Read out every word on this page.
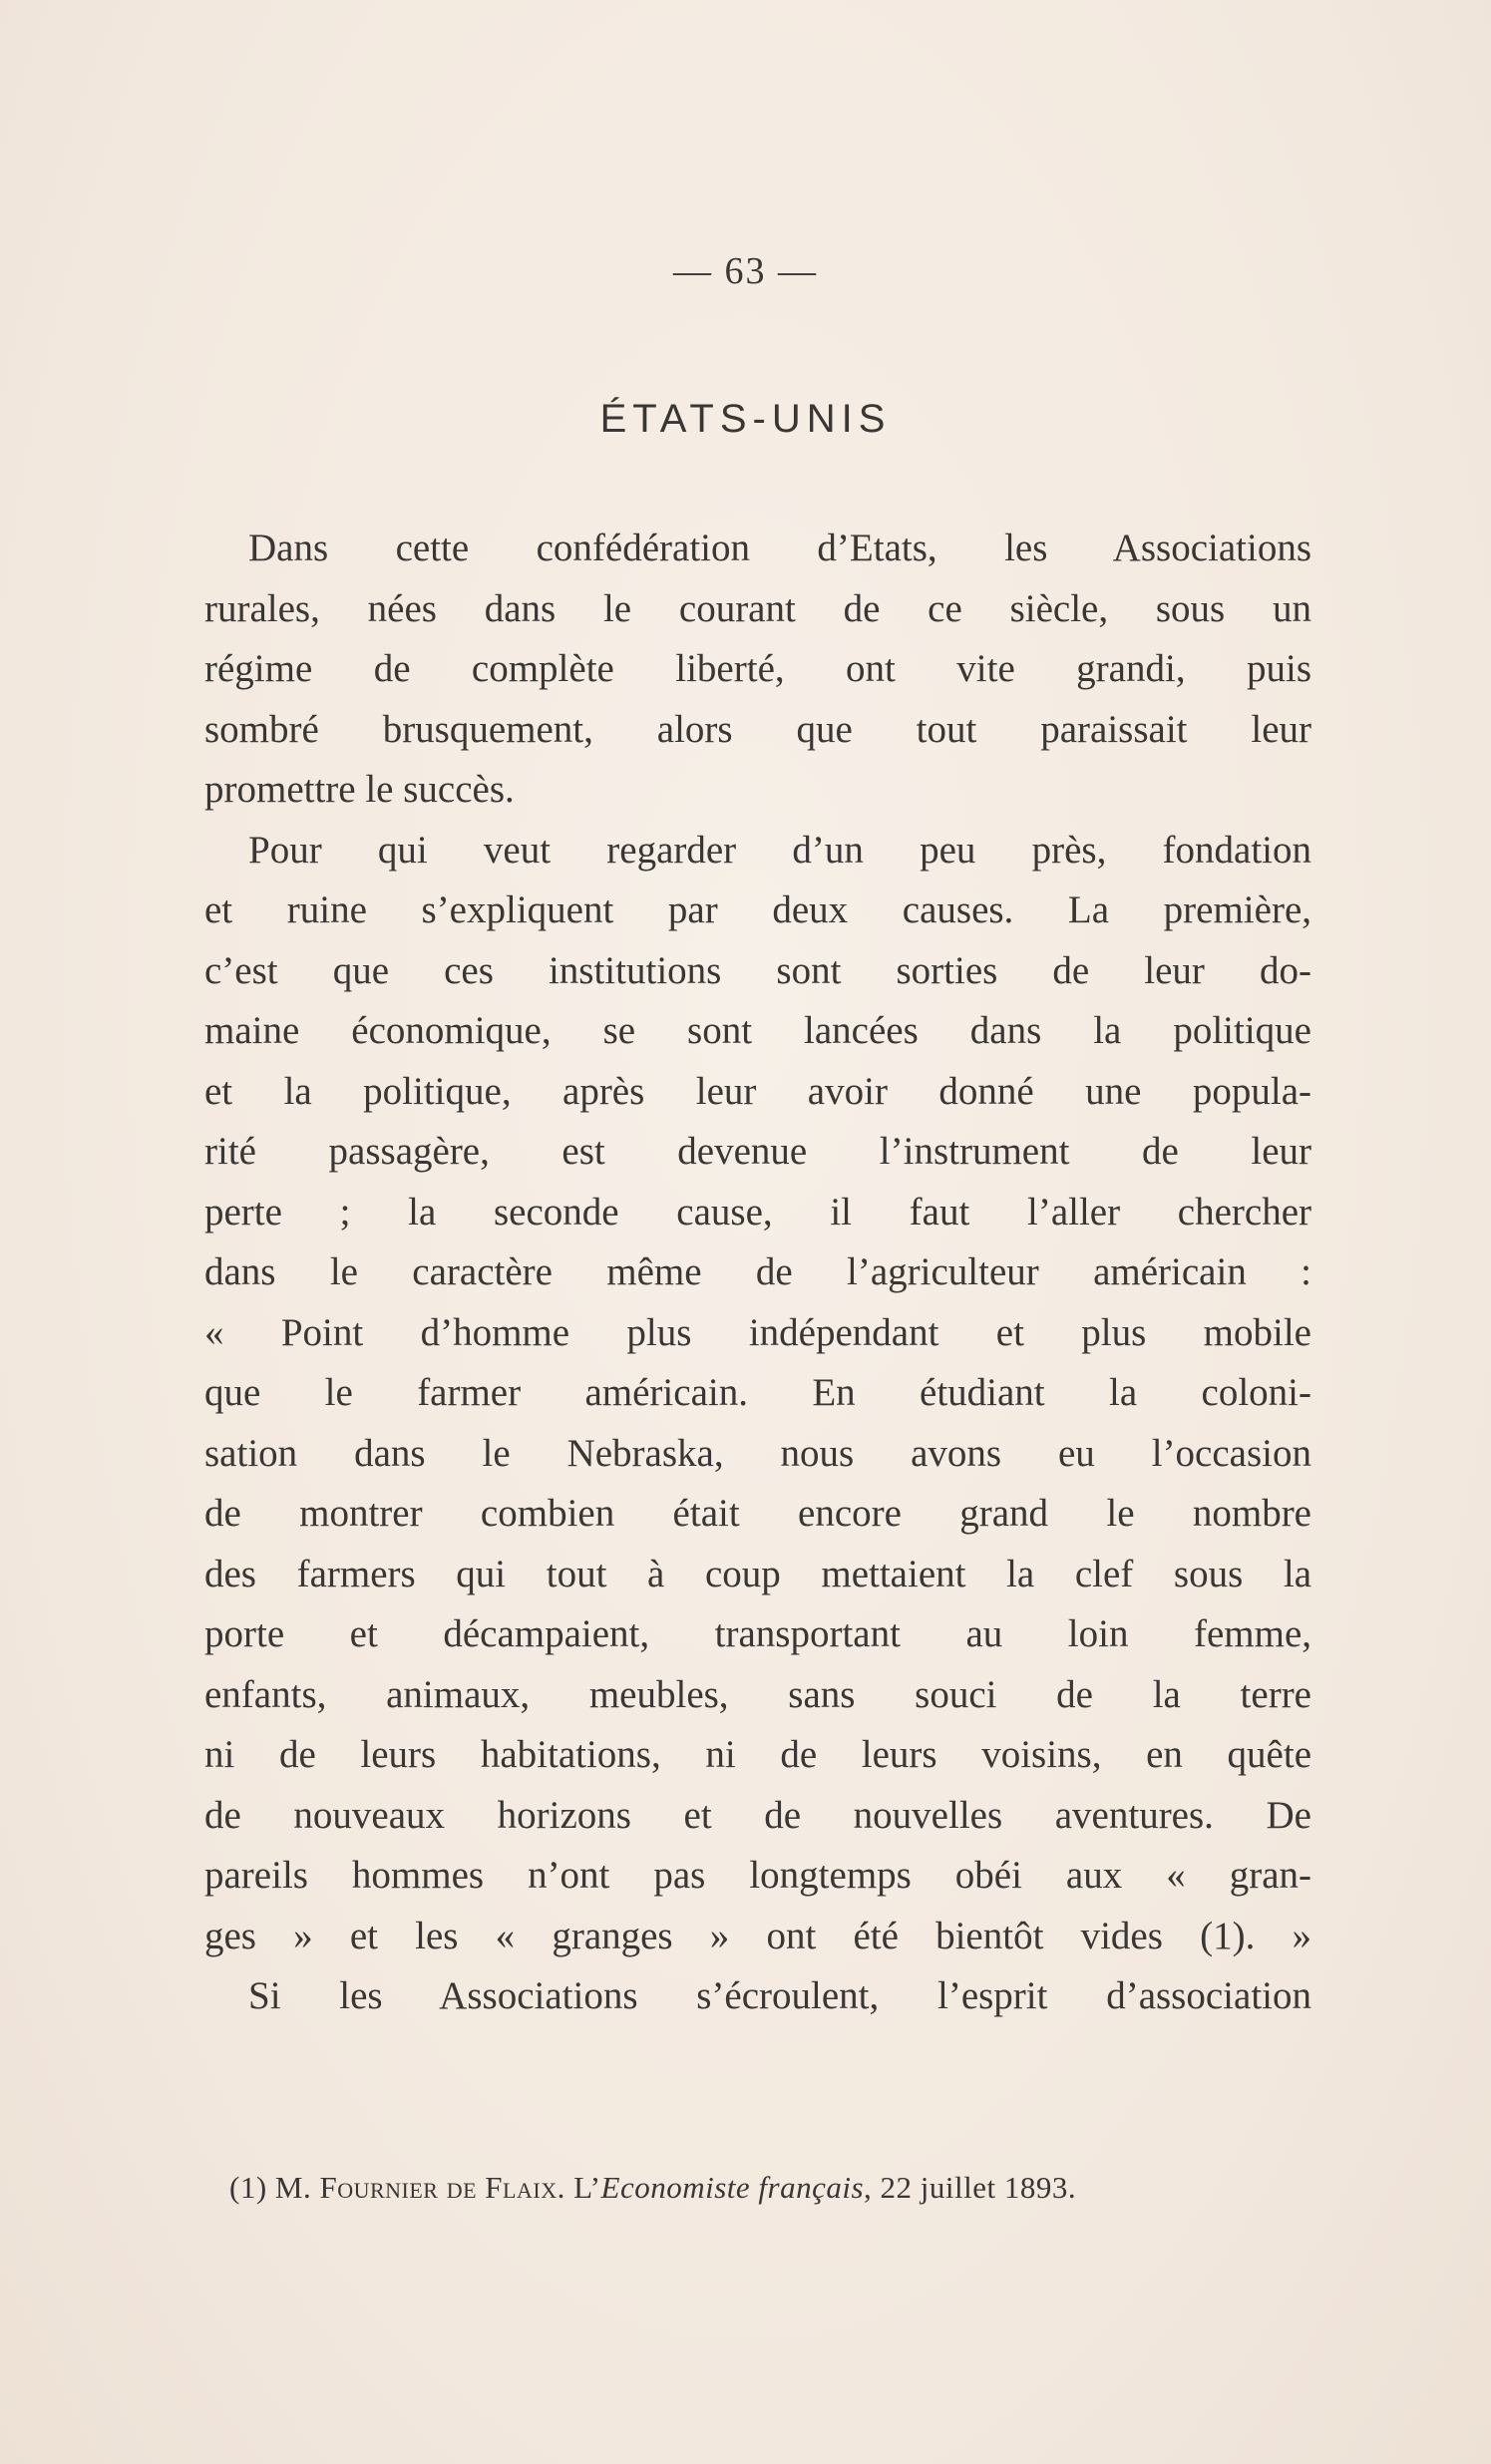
— 63 —
ÉTATS-UNIS
Dans cette confédération d’Etats, les Associations
rurales, nées dans le courant de ce siècle, sous un
régime de complète liberté, ont vite grandi, puis
sombré brusquement, alors que tout paraissait leur
promettre le succès.
Pour qui veut regarder d’un peu près, fondation
et ruine s’expliquent par deux causes. La première,
c’est que ces institutions sont sorties de leur do-
maine économique, se sont lancées dans la politique
et la politique, après leur avoir donné une popula-
rité passagère, est devenue l’instrument de leur
perte ; la seconde cause, il faut l’aller chercher
dans le caractère même de l’agriculteur américain :
« Point d’homme plus indépendant et plus mobile
que le farmer américain. En étudiant la coloni-
sation dans le Nebraska, nous avons eu l’occasion
de montrer combien était encore grand le nombre
des farmers qui tout à coup mettaient la clef sous la
porte et décampaient, transportant au loin femme,
enfants, animaux, meubles, sans souci de la terre
ni de leurs habitations, ni de leurs voisins, en quête
de nouveaux horizons et de nouvelles aventures. De
pareils hommes n’ont pas longtemps obéi aux « gran-
ges » et les « granges » ont été bientôt vides (1). »
Si les Associations s’écroulent, l’esprit d’association
(1) M. Fournier de Flaix. L’Economiste français, 22 juillet 1893.
